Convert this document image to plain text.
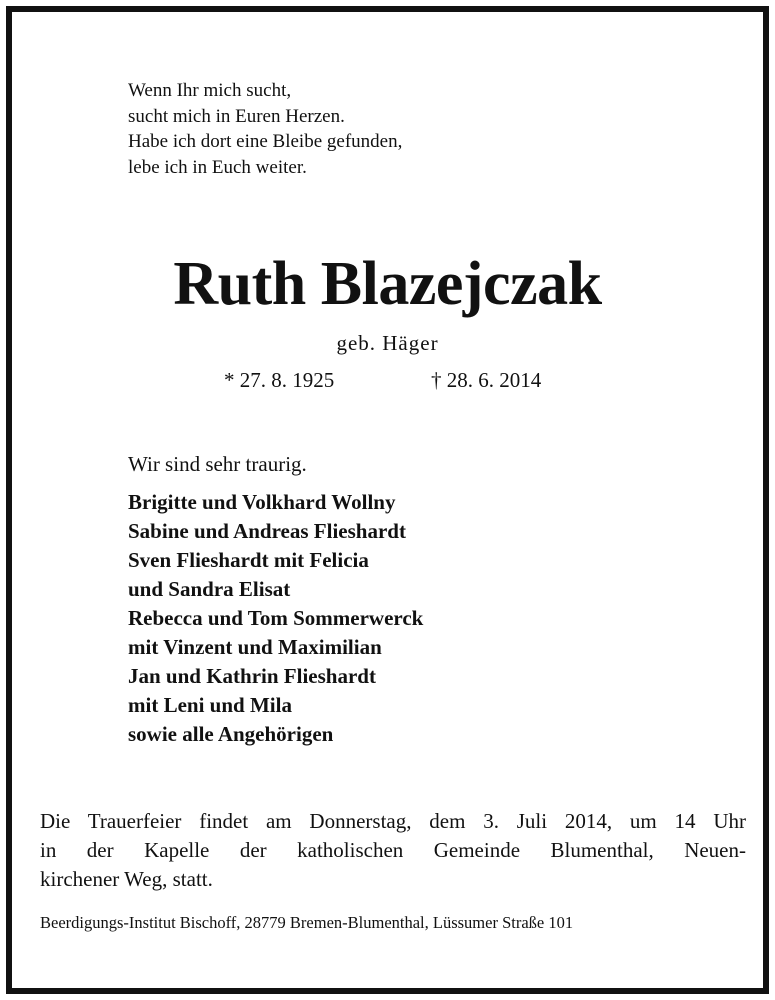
Wenn Ihr mich sucht,
sucht mich in Euren Herzen.
Habe ich dort eine Bleibe gefunden,
lebe ich in Euch weiter.
Ruth Blazejczak
geb. Häger
* 27. 8. 1925	† 28. 6. 2014
Wir sind sehr traurig.
Brigitte und Volkhard Wollny
Sabine und Andreas Flieshardt
Sven Flieshardt mit Felicia
und Sandra Elisat
Rebecca und Tom Sommerwerck
mit Vinzent und Maximilian
Jan und Kathrin Flieshardt
mit Leni und Mila
sowie alle Angehörigen
Die Trauerfeier findet am Donnerstag, dem 3. Juli 2014, um 14 Uhr
in der Kapelle der katholischen Gemeinde Blumenthal, Neuen-
kirchener Weg, statt.
Beerdigungs-Institut Bischoff, 28779 Bremen-Blumenthal, Lüssumer Straße 101
